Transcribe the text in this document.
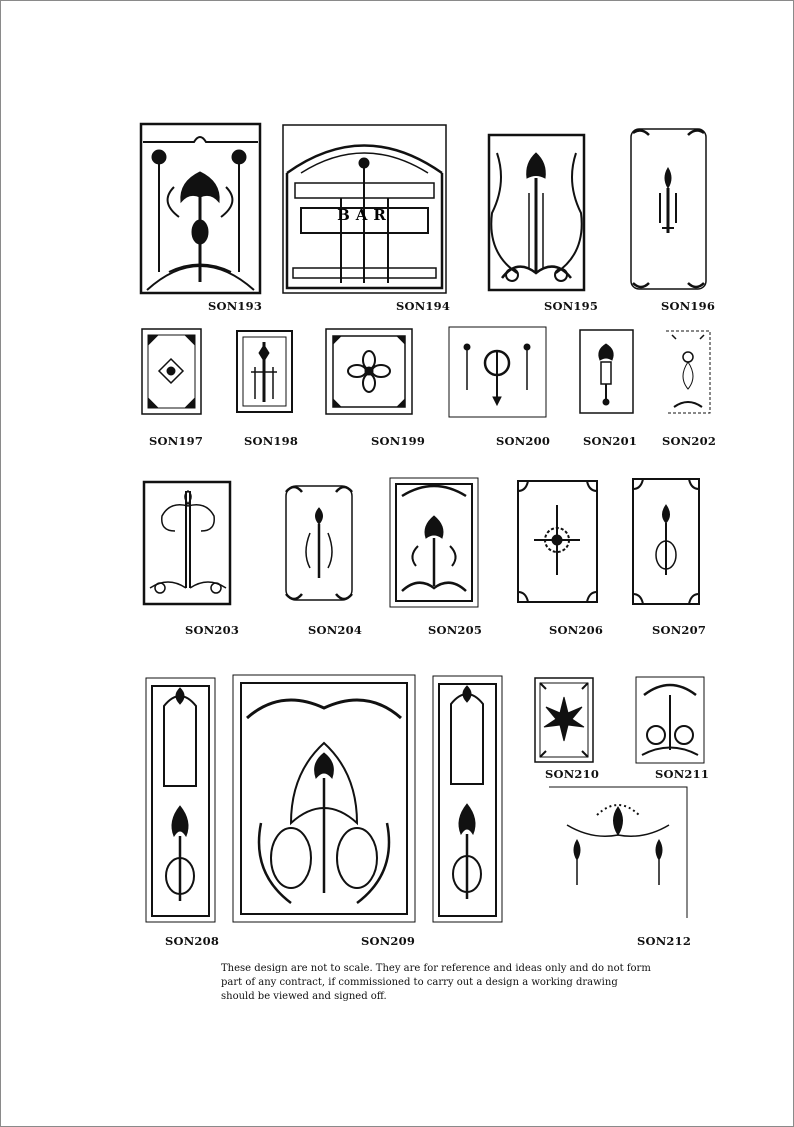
SON193
BAR
SON194	SON195	SON196
SON197	SON198	SON199	SON200	SON201 SON202
SON203	SON204	SON205	SON206	SON207
SON208	SON209
SON210	SON211
SON212

These design are not to scale. They are for reference and ideas only and do not form part of any contract, if commissioned to carry out a design a working drawing should be viewed and signed off.
